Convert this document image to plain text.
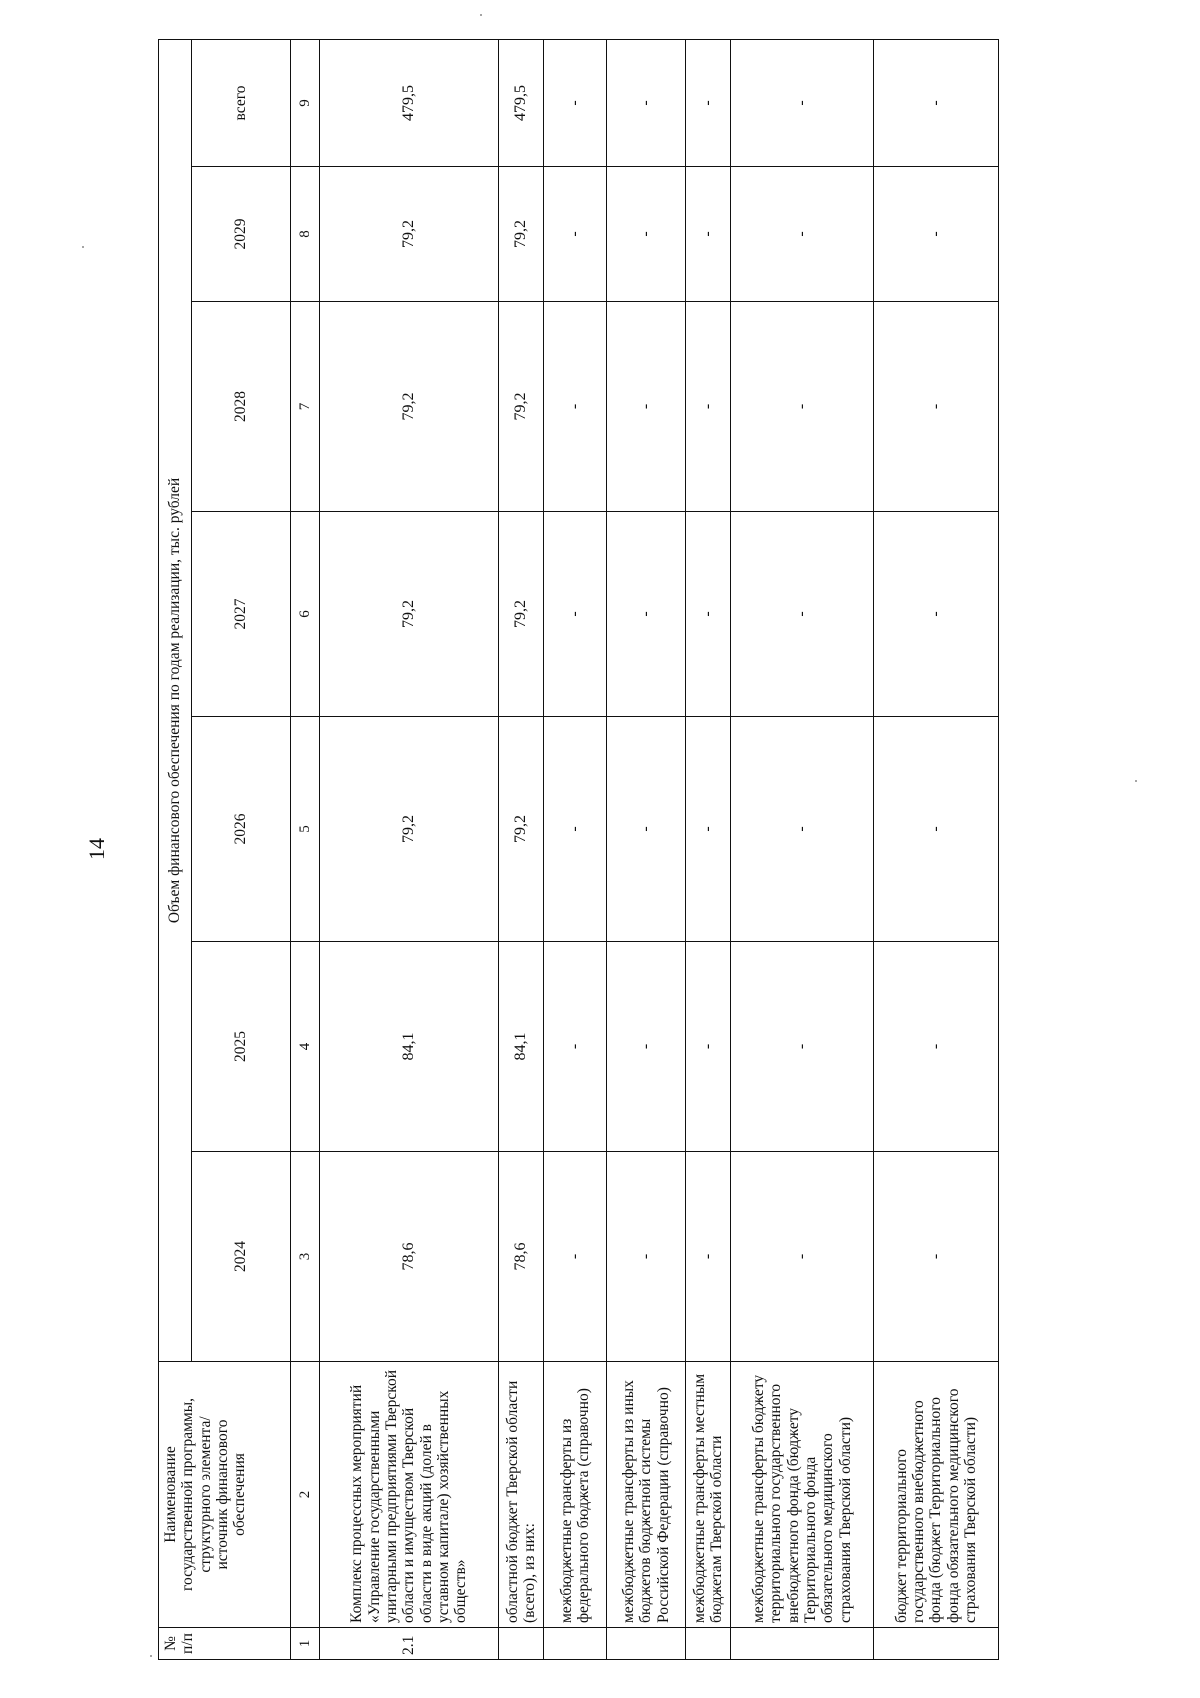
14
№
п/п	Наименование
государственной программы,
структурного элемента/
источник финансового
обеспечения	Объем финансового обеспечения по годам реализации, тыс. рублей						
		2024	2025	2026	2027	2028	2029	всего
1	2	3	4	5	6	7	8	9
2.1	Комплекс процессных мероприятий «Управление государственными унитарными предприятиями Тверской области и имуществом Тверской области в виде акций (долей в уставном капитале) хозяйственных обществ»	78,6	84,1	79,2	79,2	79,2	79,2	479,5
	областной бюджет Тверской области (всего), из них:	78,6	84,1	79,2	79,2	79,2	79,2	479,5
	межбюджетные трансферты из федерального бюджета (справочно)	-	-	-	-	-	-	-
	межбюджетные трансферты из иных бюджетов бюджетной системы Российской Федерации (справочно)	-	-	-	-	-	-	-
	межбюджетные трансферты местным бюджетам Тверской области	-	-	-	-	-	-	-
	межбюджетные трансферты бюджету территориального государственного внебюджетного фонда (бюджету Территориального фонда обязательного медицинского страхования Тверской области)	-	-	-	-	-	-	-
	бюджет территориального государственного внебюджетного фонда (бюджет Территориального фонда обязательного медицинского страхования Тверской области)	-	-	-	-	-	-	-
